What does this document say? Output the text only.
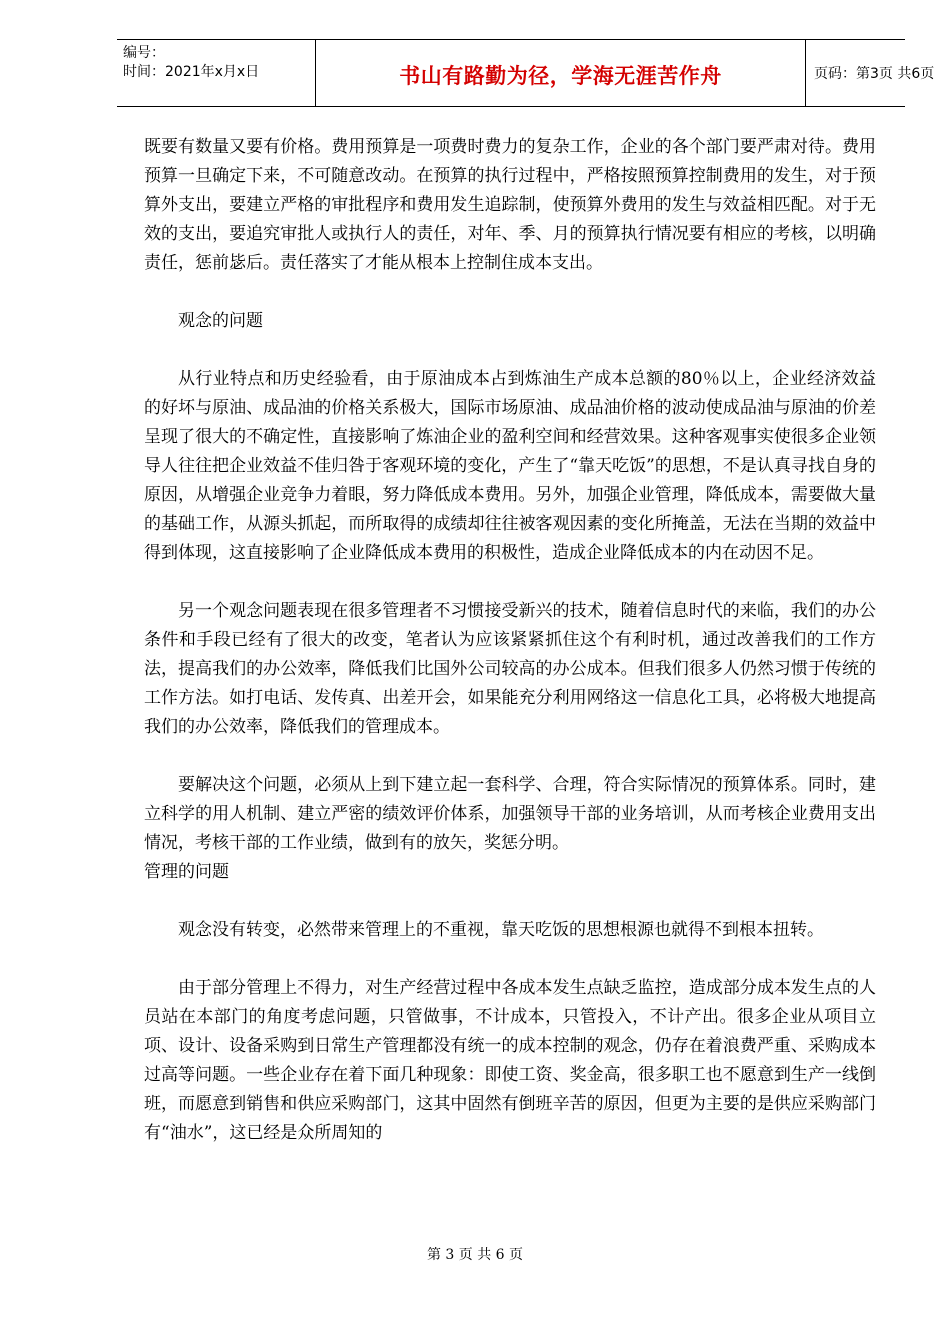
编号：
时间：2021年x月x日	书山有路勤为径，学海无涯苦作舟	页码：第3页 共6页

既要有数量又要有价格。费用预算是一项费时费力的复杂工作，企业的各个部门要严肃对待。费用预算一旦确定下来，不可随意改动。在预算的执行过程中，严格按照预算控制费用的发生，对于预算外支出，要建立严格的审批程序和费用发生追踪制，使预算外费用的发生与效益相匹配。对于无效的支出，要追究审批人或执行人的责任，对年、季、月的预算执行情况要有相应的考核，以明确责任，惩前毖后。责任落实了才能从根本上控制住成本支出。

观念的问题

从行业特点和历史经验看，由于原油成本占到炼油生产成本总额的80％以上，企业经济效益的好坏与原油、成品油的价格关系极大，国际市场原油、成品油价格的波动使成品油与原油的价差呈现了很大的不确定性，直接影响了炼油企业的盈利空间和经营效果。这种客观事实使很多企业领导人往往把企业效益不佳归咎于客观环境的变化，产生了“靠天吃饭”的思想，不是认真寻找自身的原因，从增强企业竞争力着眼，努力降低成本费用。另外，加强企业管理，降低成本，需要做大量的基础工作，从源头抓起，而所取得的成绩却往往被客观因素的变化所掩盖，无法在当期的效益中得到体现，这直接影响了企业降低成本费用的积极性，造成企业降低成本的内在动因不足。

另一个观念问题表现在很多管理者不习惯接受新兴的技术，随着信息时代的来临，我们的办公条件和手段已经有了很大的改变，笔者认为应该紧紧抓住这个有利时机，通过改善我们的工作方法，提高我们的办公效率，降低我们比国外公司较高的办公成本。但我们很多人仍然习惯于传统的工作方法。如打电话、发传真、出差开会，如果能充分利用网络这一信息化工具，必将极大地提高我们的办公效率，降低我们的管理成本。

要解决这个问题，必须从上到下建立起一套科学、合理，符合实际情况的预算体系。同时，建立科学的用人机制、建立严密的绩效评价体系，加强领导干部的业务培训，从而考核企业费用支出情况，考核干部的工作业绩，做到有的放矢，奖惩分明。

管理的问题

观念没有转变，必然带来管理上的不重视，靠天吃饭的思想根源也就得不到根本扭转。

由于部分管理上不得力，对生产经营过程中各成本发生点缺乏监控，造成部分成本发生点的人员站在本部门的角度考虑问题，只管做事，不计成本，只管投入，不计产出。很多企业从项目立项、设计、设备采购到日常生产管理都没有统一的成本控制的观念，仍存在着浪费严重、采购成本过高等问题。一些企业存在着下面几种现象：即使工资、奖金高，很多职工也不愿意到生产一线倒班，而愿意到销售和供应采购部门，这其中固然有倒班辛苦的原因，但更为主要的是供应采购部门有“油水”，这已经是众所周知的

第 3 页 共 6 页
